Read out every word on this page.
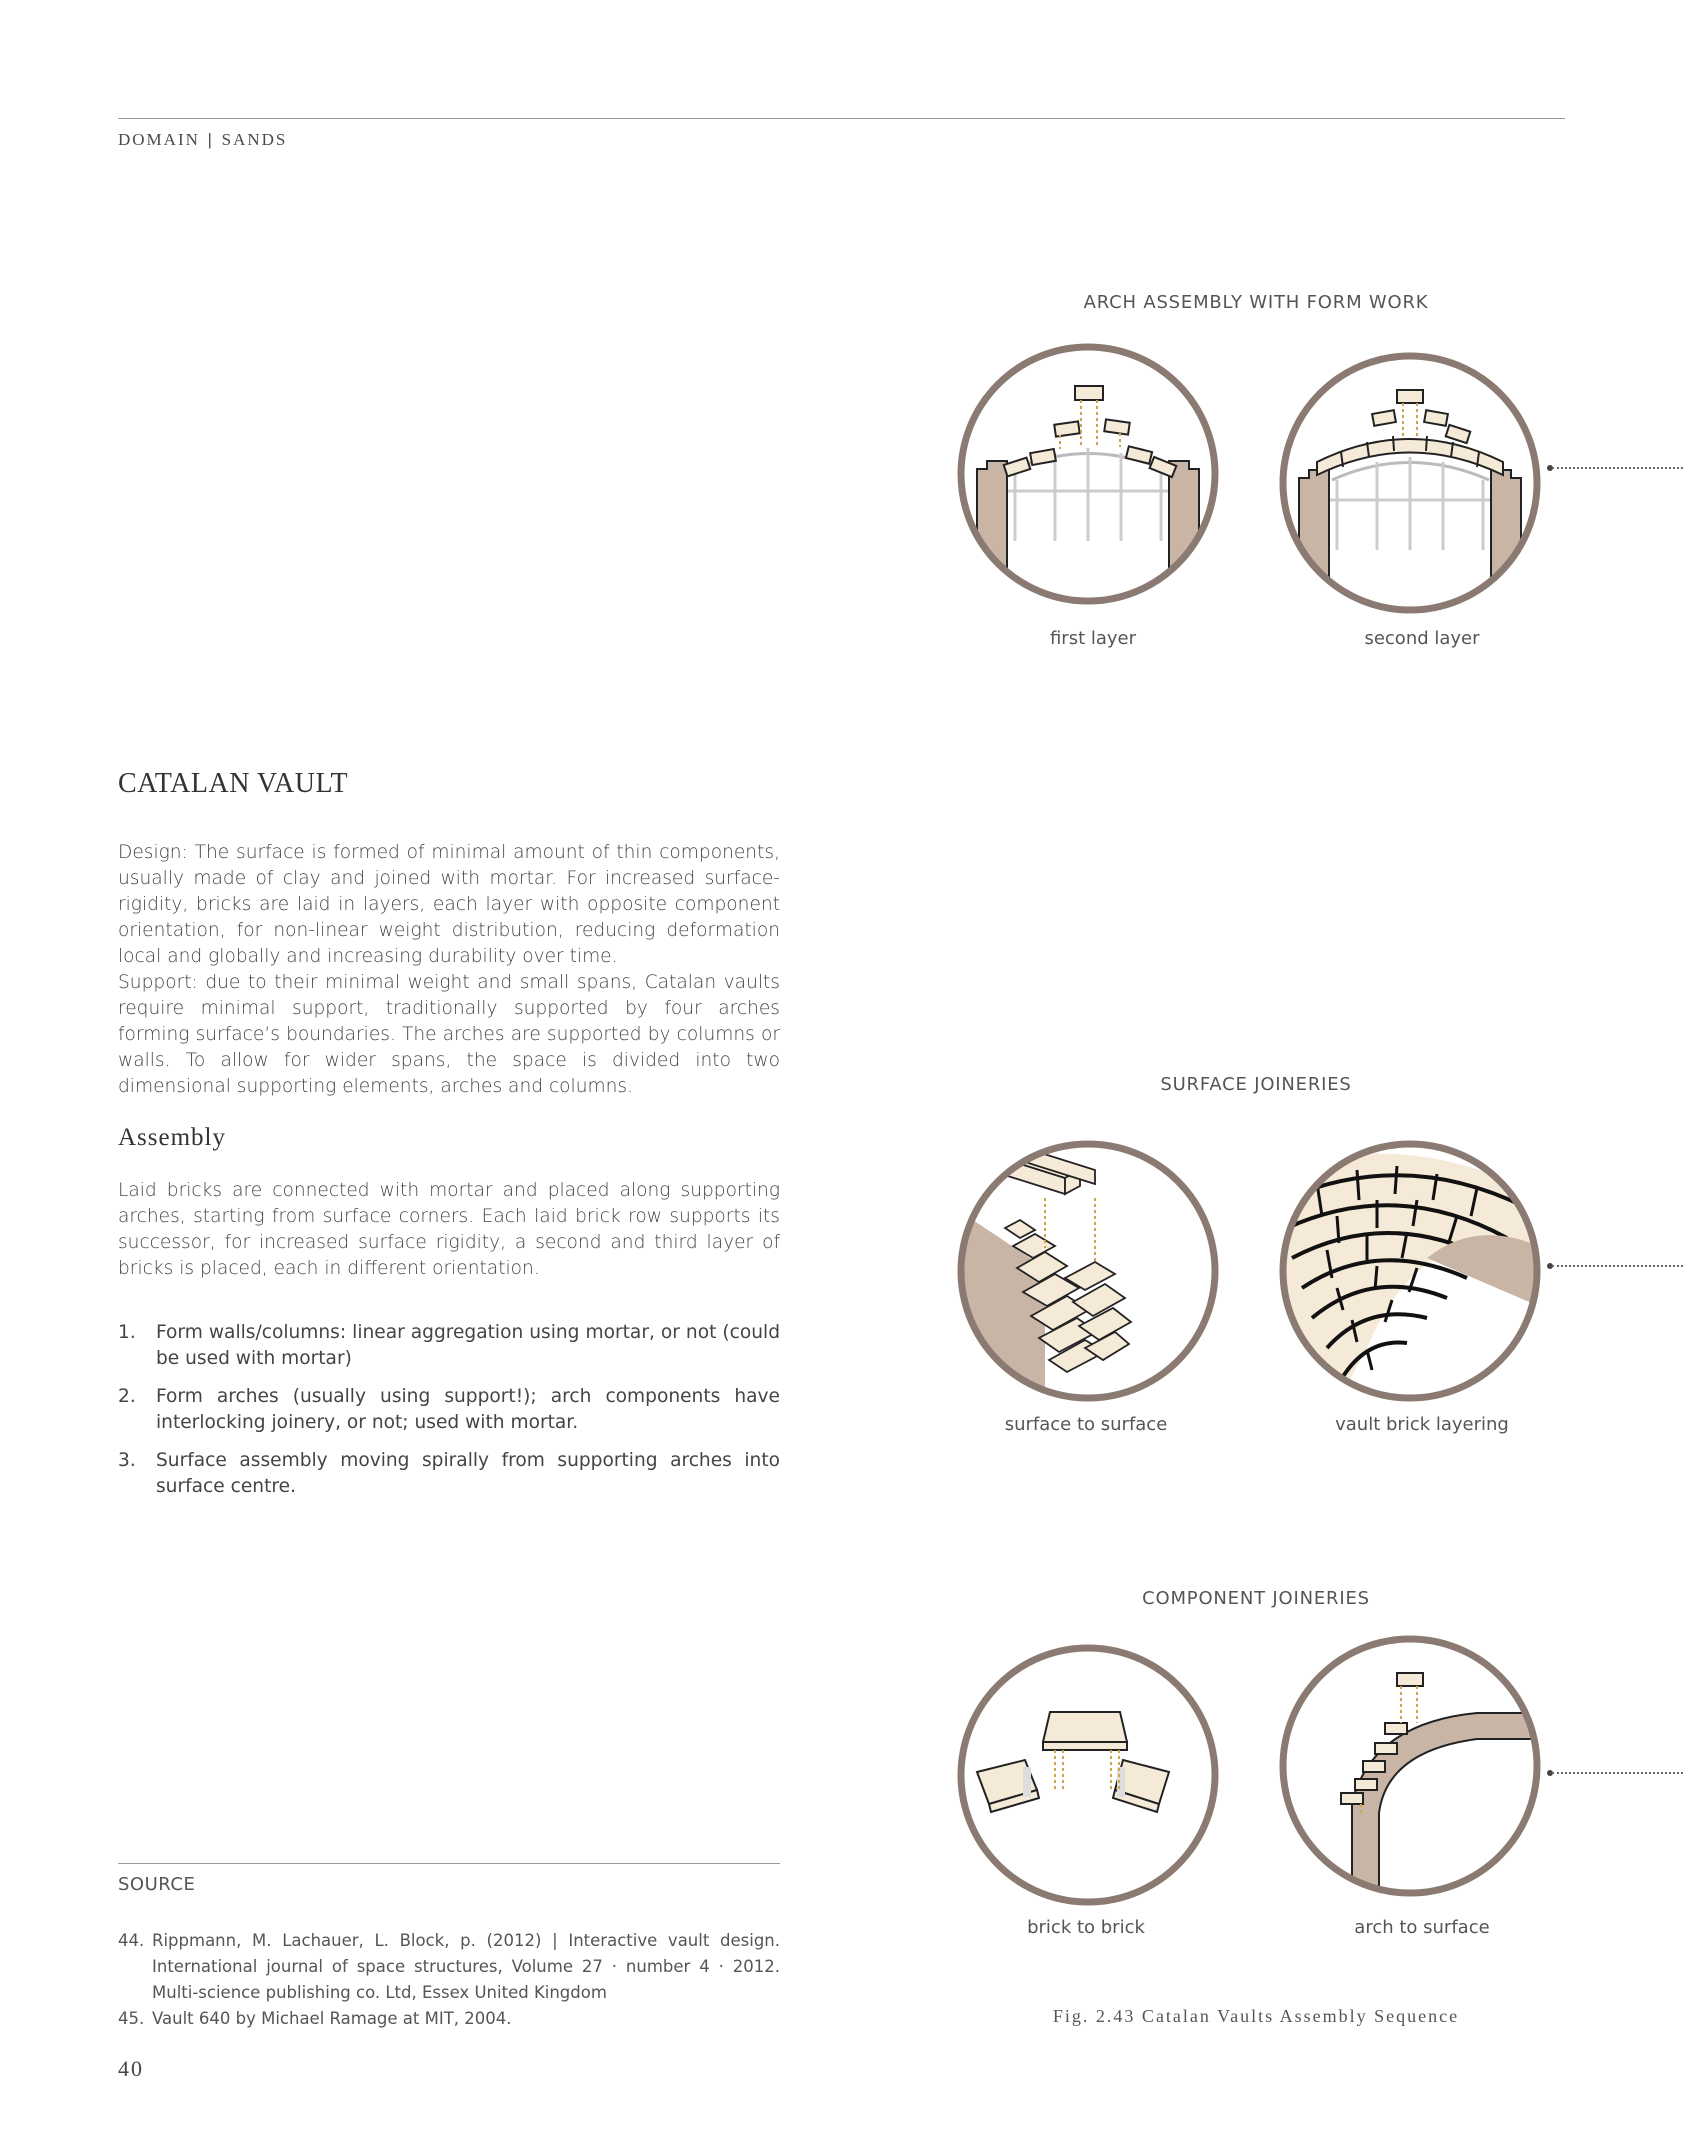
DOMAIN | SANDS
CATALAN VAULT

Design: The surface is formed of minimal amount of thin components, usually made of clay and joined with mortar. For increased surface-rigidity, bricks are laid in layers, each layer with opposite component orientation, for non-linear weight distribution, reducing deformation local and globally and increasing durability over time.

Support: due to their minimal weight and small spans, Catalan vaults require minimal support, traditionally supported by four arches forming surface’s boundaries. The arches are supported by columns or walls. To allow for wider spans, the space is divided into two dimensional supporting elements, arches and columns.

Assembly

Laid bricks are connected with mortar and placed along supporting arches, starting from surface corners. Each laid brick row supports its successor, for increased surface rigidity, a second and third layer of bricks is placed, each in different orientation.

1. Form walls/columns: linear aggregation using mortar, or not (could be used with mortar)
2. Form arches (usually using support!); arch components have interlocking joinery, or not; used with mortar.
3. Surface assembly moving spirally from supporting arches into surface centre.
SOURCE
44. Rippmann, M. Lachauer, L. Block, p. (2012) | Interactive vault design. International journal of space structures, Volume 27 · number 4 · 2012. Multi-science publishing co. Ltd, Essex United Kingdom
45. Vault 640 by Michael Ramage at MIT, 2004.
40
ARCH ASSEMBLY WITH FORM WORK
first layer	second layer
SURFACE JOINERIES
surface to surface	vault brick layering
COMPONENT JOINERIES
brick to brick	arch to surface
Fig. 2.43 Catalan Vaults Assembly Sequence
